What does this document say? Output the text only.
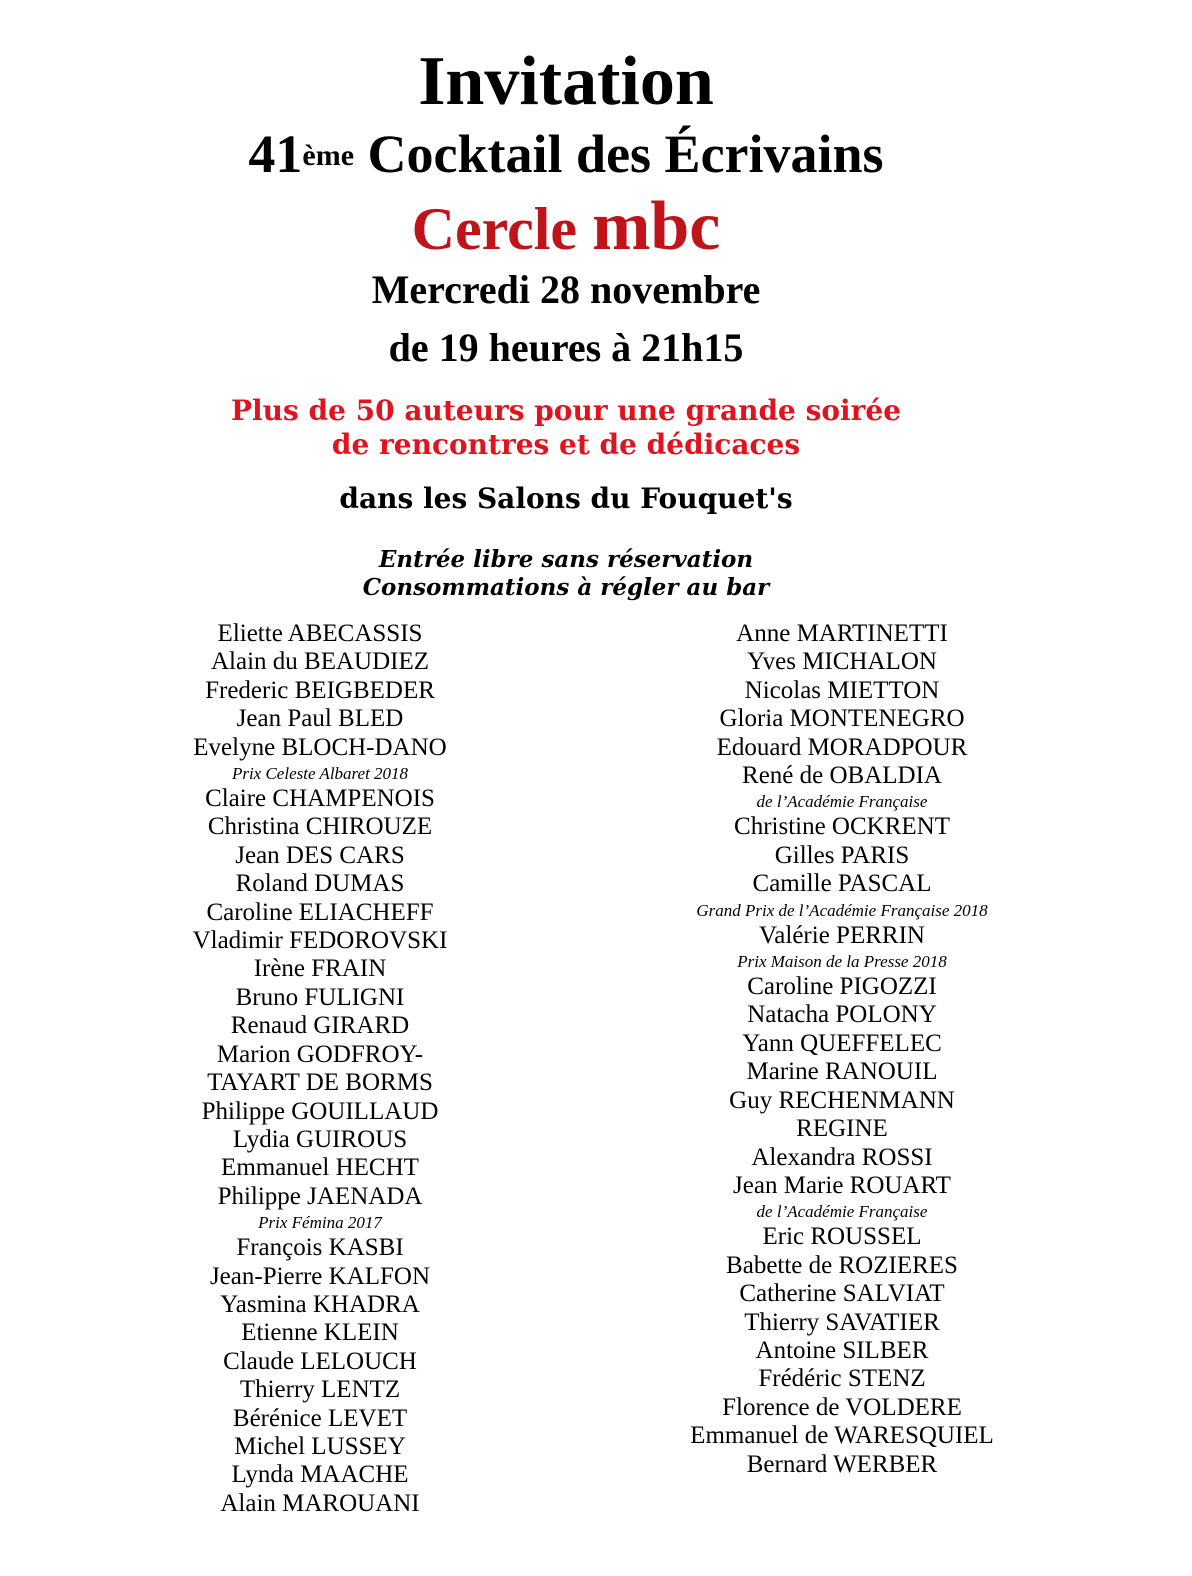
Invitation
41ème Cocktail des Écrivains
Cercle mbc
Mercredi 28 novembre
de 19 heures à 21h15
Plus de 50 auteurs pour une grande soirée
de rencontres et de dédicaces
dans les Salons du Fouquet's
Entrée libre sans réservation
Consommations à régler au bar
Eliette ABECASSIS
Alain du BEAUDIEZ
Frederic BEIGBEDER
Jean Paul BLED
Evelyne BLOCH-DANO
Prix Celeste Albaret 2018
Claire CHAMPENOIS
Christina CHIROUZE
Jean DES CARS
Roland DUMAS
Caroline ELIACHEFF
Vladimir FEDOROVSKI
Irène FRAIN
Bruno FULIGNI
Renaud GIRARD
Marion GODFROY-
TAYART DE BORMS
Philippe GOUILLAUD
Lydia GUIROUS
Emmanuel HECHT
Philippe JAENADA
Prix Fémina 2017
François KASBI
Jean-Pierre KALFON
Yasmina KHADRA
Etienne KLEIN
Claude LELOUCH
Thierry LENTZ
Bérénice LEVET
Michel LUSSEY
Lynda MAACHE
Alain MAROUANI
Anne MARTINETTI
Yves MICHALON
Nicolas MIETTON
Gloria MONTENEGRO
Edouard MORADPOUR
René de OBALDIA
de l’Académie Française
Christine OCKRENT
Gilles PARIS
Camille PASCAL
Grand Prix de l’Académie Française 2018
Valérie PERRIN
Prix Maison de la Presse 2018
Caroline PIGOZZI
Natacha POLONY
Yann QUEFFELEC
Marine RANOUIL
Guy RECHENMANN
REGINE
Alexandra ROSSI
Jean Marie ROUART
de l’Académie Française
Eric ROUSSEL
Babette de ROZIERES
Catherine SALVIAT
Thierry SAVATIER
Antoine SILBER
Frédéric STENZ
Florence de VOLDERE
Emmanuel de WARESQUIEL
Bernard WERBER
